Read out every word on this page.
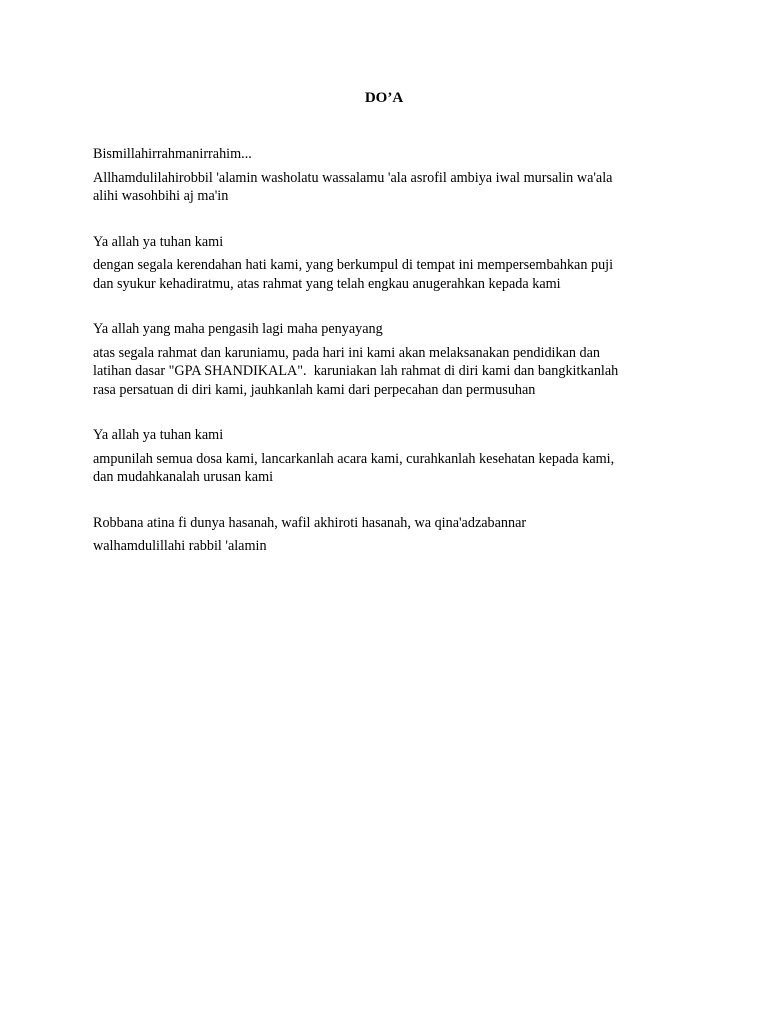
DO’A

Bismillahirrahmanirrahim...

Allhamdulilahirobbil 'alamin washolatu wassalamu 'ala asrofil ambiya iwal mursalin wa'ala

alihi wasohbihi aj ma'in

Ya allah ya tuhan kami

dengan segala kerendahan hati kami, yang berkumpul di tempat ini mempersembahkan puji

dan syukur kehadiratmu, atas rahmat yang telah engkau anugerahkan kepada kami

Ya allah yang maha pengasih lagi maha penyayang

atas segala rahmat dan karuniamu, pada hari ini kami akan melaksanakan pendidikan dan

latihan dasar "GPA SHANDIKALA".  karuniakan lah rahmat di diri kami dan bangkitkanlah

rasa persatuan di diri kami, jauhkanlah kami dari perpecahan dan permusuhan

Ya allah ya tuhan kami

ampunilah semua dosa kami, lancarkanlah acara kami, curahkanlah kesehatan kepada kami,

dan mudahkanalah urusan kami

Robbana atina fi dunya hasanah, wafil akhiroti hasanah, wa qina'adzabannar

walhamdulillahi rabbil 'alamin
